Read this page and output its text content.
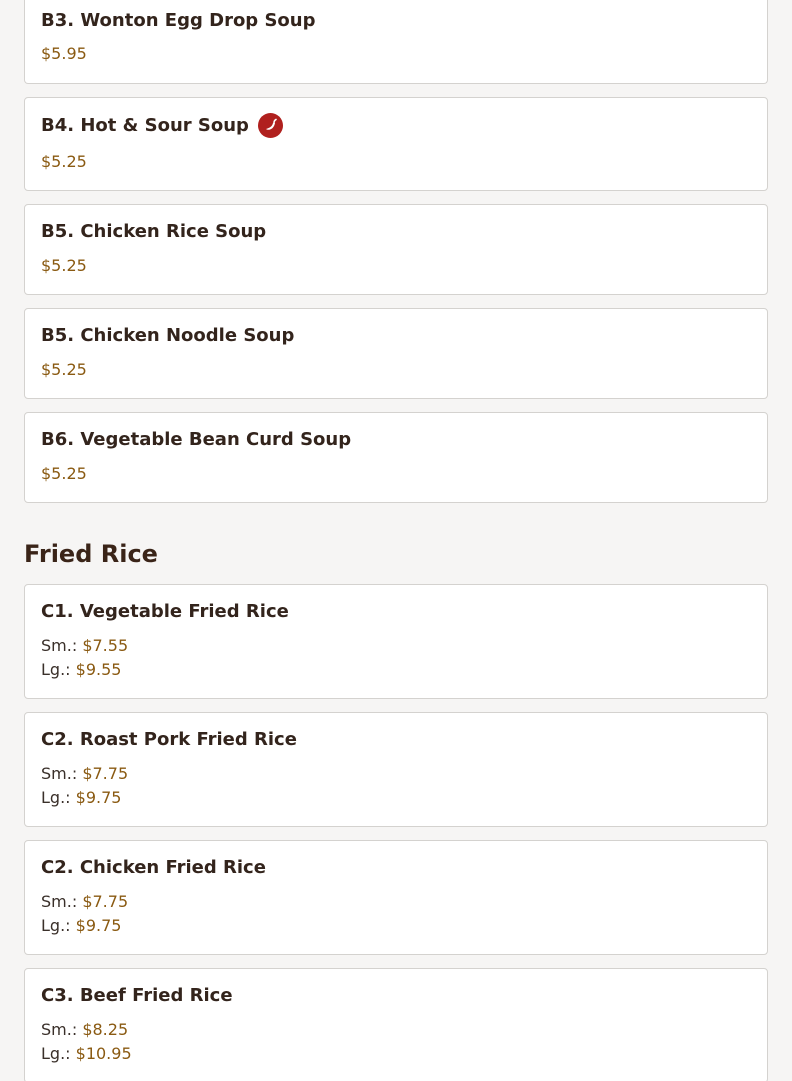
B3. Wonton Egg Drop Soup
$5.95
B4. Hot & Sour Soup
$5.25
B5. Chicken Rice Soup
$5.25
B5. Chicken Noodle Soup
$5.25
B6. Vegetable Bean Curd Soup
$5.25
Fried Rice
C1. Vegetable Fried Rice
Sm.: $7.55
Lg.: $9.55
C2. Roast Pork Fried Rice
Sm.: $7.75
Lg.: $9.75
C2. Chicken Fried Rice
Sm.: $7.75
Lg.: $9.75
C3. Beef Fried Rice
Sm.: $8.25
Lg.: $10.95
